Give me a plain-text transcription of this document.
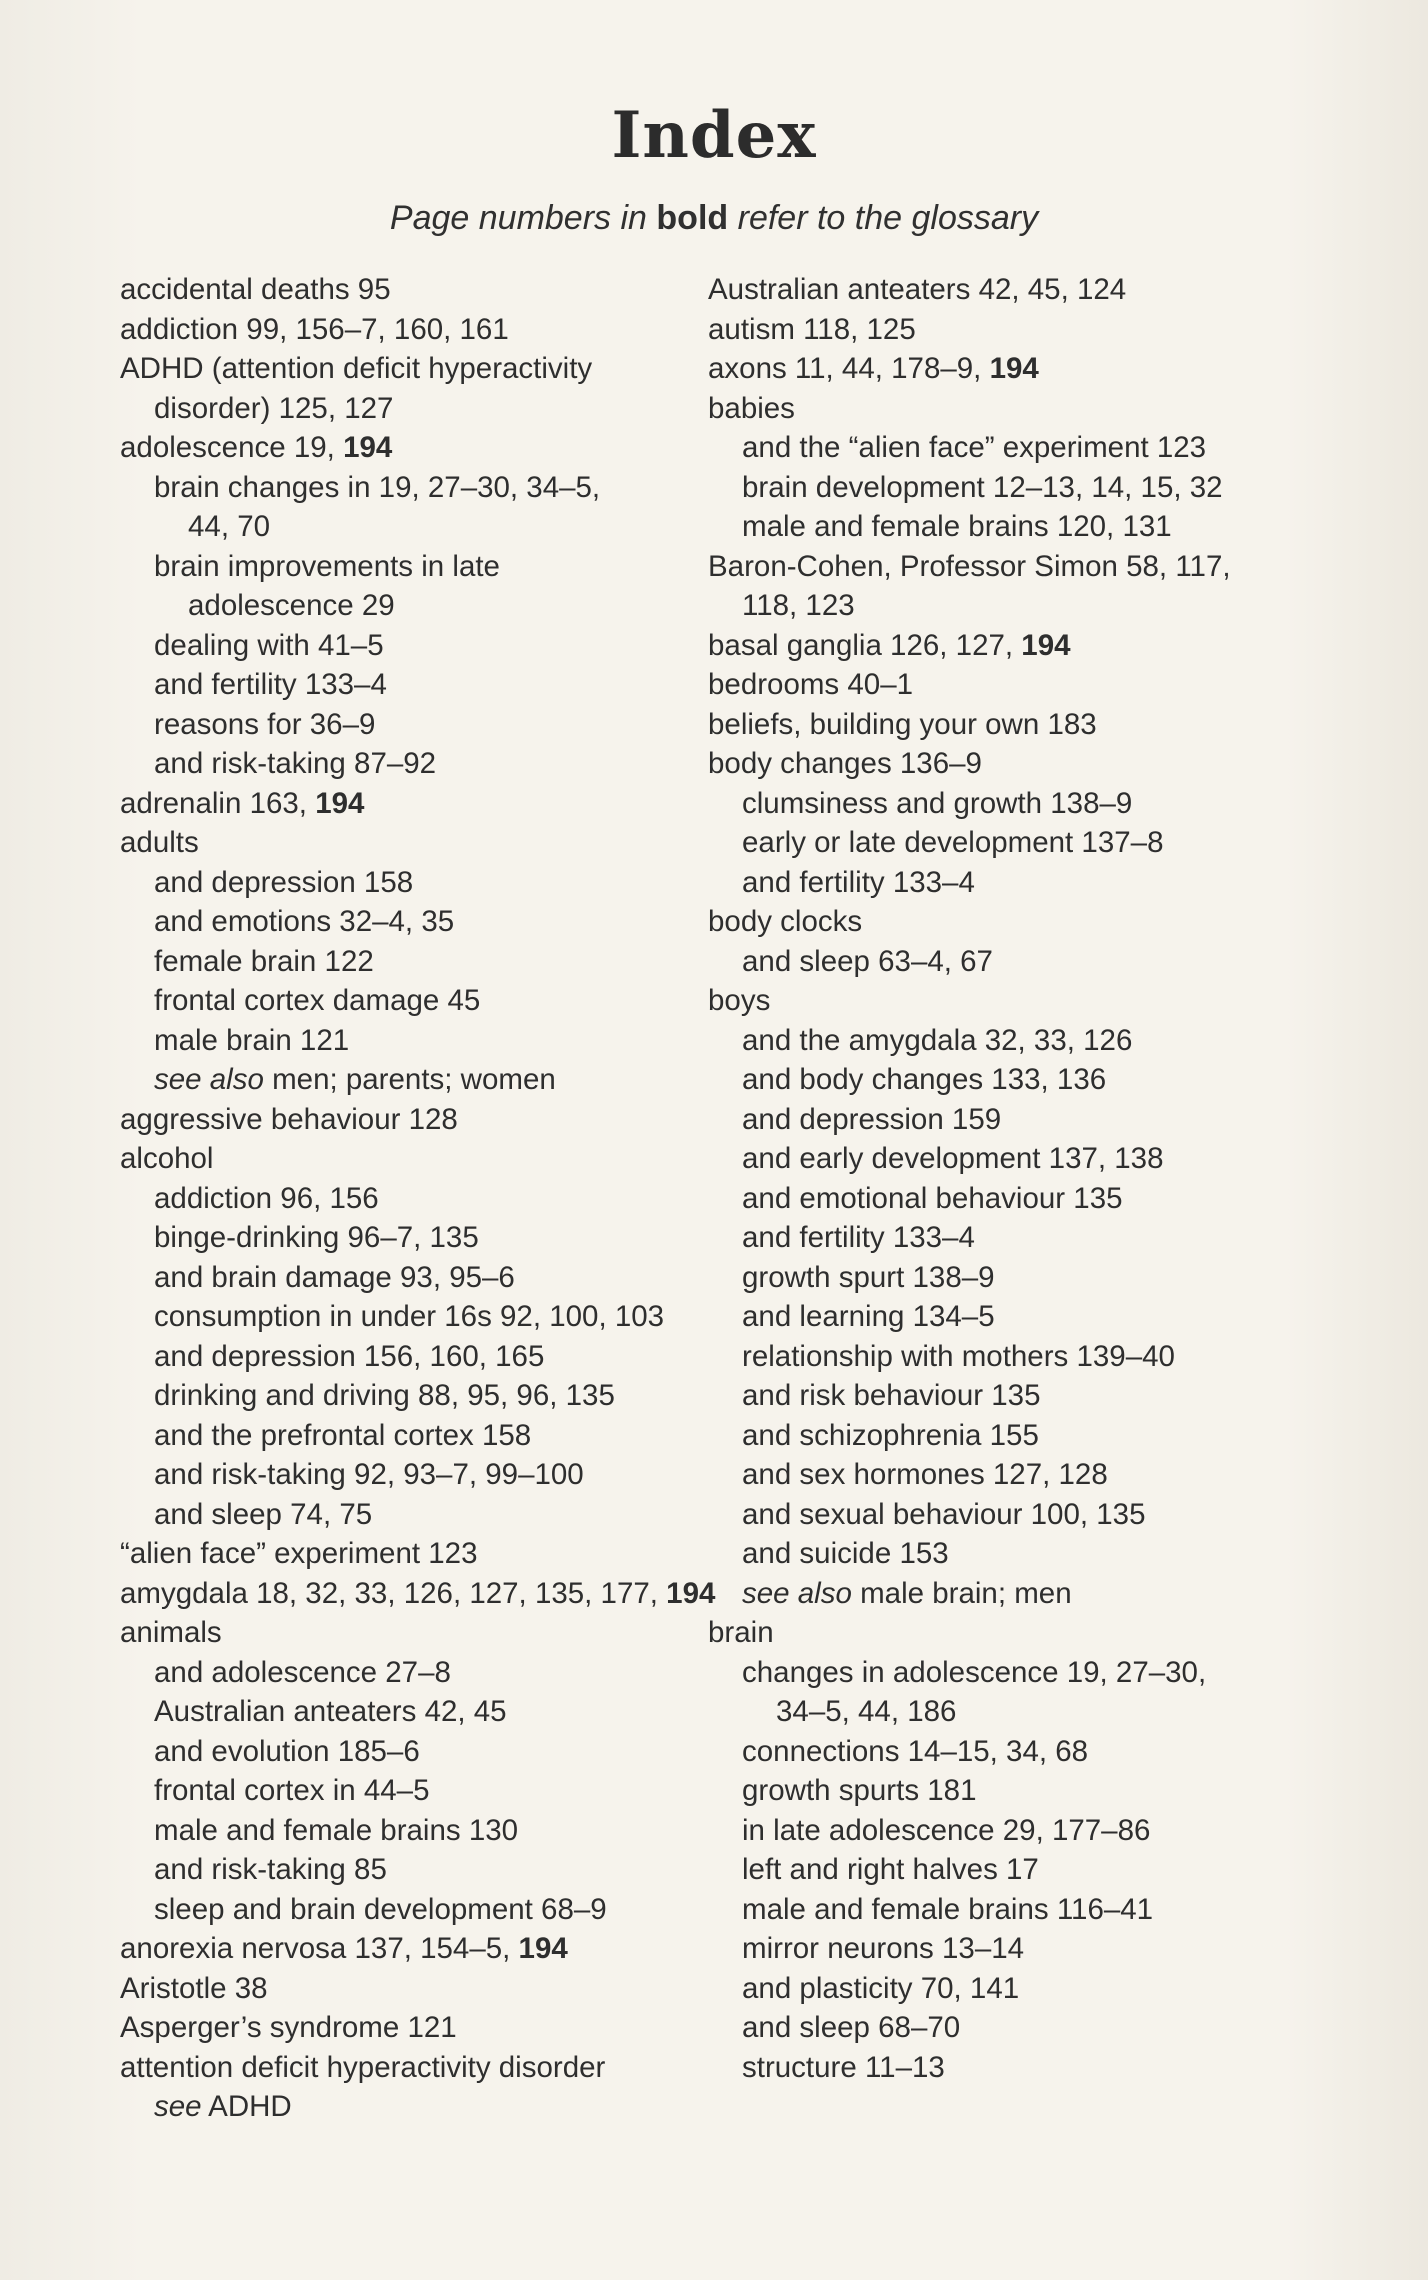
Index
Page numbers in bold refer to the glossary
accidental deaths 95
addiction 99, 156–7, 160, 161
ADHD (attention deficit hyperactivity
disorder) 125, 127
adolescence 19, 194
brain changes in 19, 27–30, 34–5,
44, 70
brain improvements in late
adolescence 29
dealing with 41–5
and fertility 133–4
reasons for 36–9
and risk-taking 87–92
adrenalin 163, 194
adults
and depression 158
and emotions 32–4, 35
female brain 122
frontal cortex damage 45
male brain 121
see also men; parents; women
aggressive behaviour 128
alcohol
addiction 96, 156
binge-drinking 96–7, 135
and brain damage 93, 95–6
consumption in under 16s 92, 100, 103
and depression 156, 160, 165
drinking and driving 88, 95, 96, 135
and the prefrontal cortex 158
and risk-taking 92, 93–7, 99–100
and sleep 74, 75
“alien face” experiment 123
amygdala 18, 32, 33, 126, 127, 135, 177, 194
animals
and adolescence 27–8
Australian anteaters 42, 45
and evolution 185–6
frontal cortex in 44–5
male and female brains 130
and risk-taking 85
sleep and brain development 68–9
anorexia nervosa 137, 154–5, 194
Aristotle 38
Asperger’s syndrome 121
attention deficit hyperactivity disorder
see ADHD
Australian anteaters 42, 45, 124
autism 118, 125
axons 11, 44, 178–9, 194
babies
and the “alien face” experiment 123
brain development 12–13, 14, 15, 32
male and female brains 120, 131
Baron-Cohen, Professor Simon 58, 117,
118, 123
basal ganglia 126, 127, 194
bedrooms 40–1
beliefs, building your own 183
body changes 136–9
clumsiness and growth 138–9
early or late development 137–8
and fertility 133–4
body clocks
and sleep 63–4, 67
boys
and the amygdala 32, 33, 126
and body changes 133, 136
and depression 159
and early development 137, 138
and emotional behaviour 135
and fertility 133–4
growth spurt 138–9
and learning 134–5
relationship with mothers 139–40
and risk behaviour 135
and schizophrenia 155
and sex hormones 127, 128
and sexual behaviour 100, 135
and suicide 153
see also male brain; men
brain
changes in adolescence 19, 27–30,
34–5, 44, 186
connections 14–15, 34, 68
growth spurts 181
in late adolescence 29, 177–86
left and right halves 17
male and female brains 116–41
mirror neurons 13–14
and plasticity 70, 141
and sleep 68–70
structure 11–13
